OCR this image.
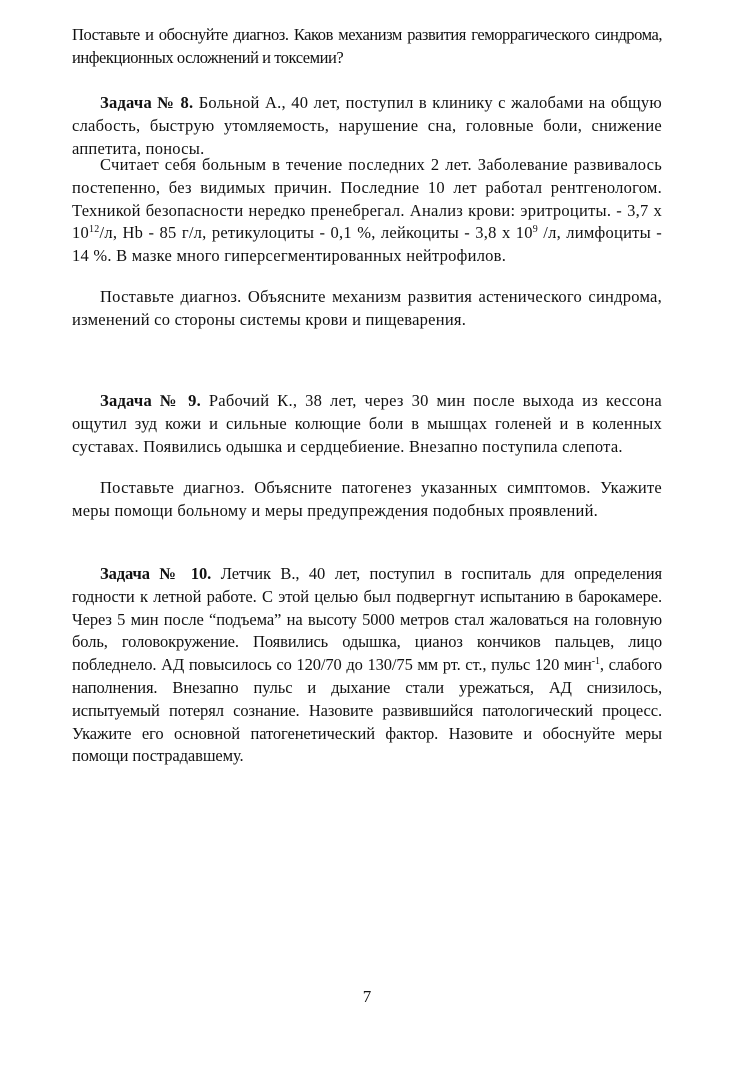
Поставьте и обоснуйте диагноз. Каков механизм развития геморрагического синдрома, инфекционных осложнений и токсемии?

Задача № 8. Больной А., 40 лет, поступил в клинику с жалобами на общую слабость, быструю утомляемость, нарушение сна, головные боли, снижение аппетита, поносы.

Считает себя больным в течение последних 2 лет. Заболевание развивалось постепенно, без видимых причин. Последние 10 лет работал рентгенологом. Техникой безопасности нередко пренебрегал. Анализ крови: эритроциты. - 3,7 х $10^{12}/л$, Hb - 85 г/л, ретикулоциты - 0,1 %, лейкоциты - 3,8 х $10^9$ /л, лимфоциты - 14 %. В мазке много гиперсегментированных нейтрофилов.

Поставьте диагноз. Объясните механизм развития астенического синдрома, изменений со стороны системы крови и пищеварения.

Задача № 9. Рабочий К., 38 лет, через 30 мин после выхода из кессона ощутил зуд кожи и сильные колющие боли в мышцах голеней и в коленных суставах. Появились одышка и сердцебиение. Внезапно поступила слепота.

Поставьте диагноз. Объясните патогенез указанных симптомов. Укажите меры помощи больному и меры предупреждения подобных проявлений.

Задача № 10. Летчик В., 40 лет, поступил в госпиталь для определения годности к летной работе. С этой целью был подвергнут испытанию в барокамере. Через 5 мин после “подъема” на высоту 5000 метров стал жаловаться на головную боль, головокружение. Появились одышка, цианоз кончиков пальцев, лицо побледнело. АД повысилось со 120/70 до 130/75 мм рт. ст., пульс 120 мин$^{-1}$, слабого наполнения. Внезапно пульс и дыхание стали урежаться, АД снизилось, испытуемый потерял сознание. Назовите развившийся патологический процесс. Укажите его основной патогенетический фактор. Назовите и обоснуйте меры помощи пострадавшему.

7
